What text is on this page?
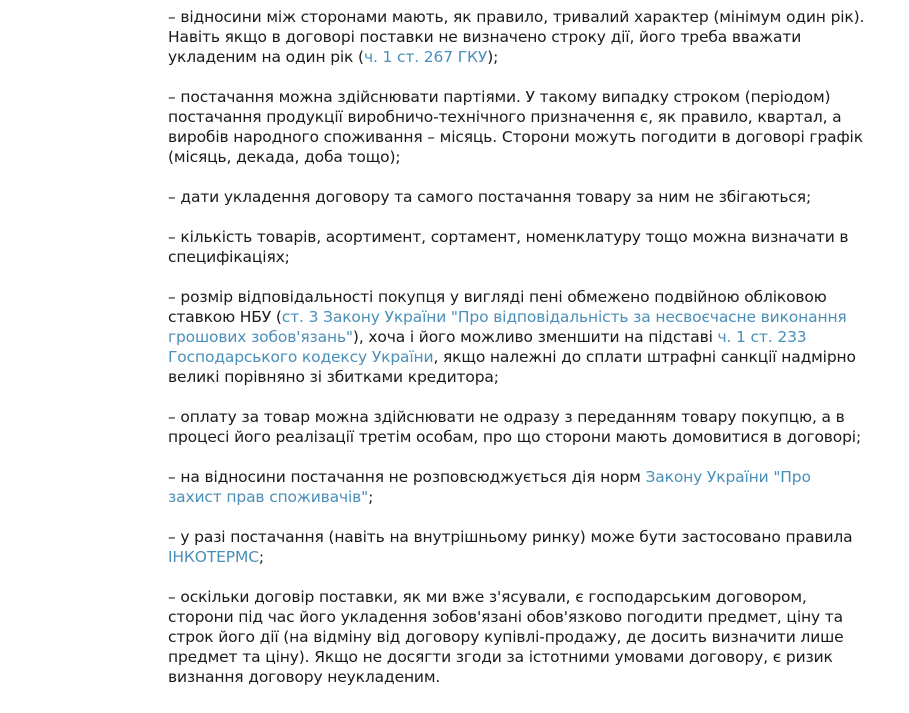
– відносини між сторонами мають, як правило, тривалий характер (мінімум один рік). Навіть якщо в договорі поставки не визначено строку дії, його треба вважати укладеним на один рік (ч. 1 ст. 267 ГКУ);

– постачання можна здійснювати партіями. У такому випадку строком (періодом) постачання продукції виробничо-технічного призначення є, як правило, квартал, а виробів народного споживання – місяць. Сторони можуть погодити в договорі графік (місяць, декада, доба тощо);

– дати укладення договору та самого постачання товару за ним не збігаються;

– кількість товарів, асортимент, сортамент, номенклатуру тощо можна визначати в специфікаціях;

– розмір відповідальності покупця у вигляді пені обмежено подвійною обліковою ставкою НБУ (ст. 3 Закону України "Про відповідальність за несвоєчасне виконання грошових зобов'язань"), хоча і його можливо зменшити на підставі ч. 1 ст. 233 Господарського кодексу України, якщо належні до сплати штрафні санкції надмірно великі порівняно зі збитками кредитора;

– оплату за товар можна здійснювати не одразу з переданням товару покупцю, а в процесі його реалізації третім особам, про що сторони мають домовитися в договорі;

– на відносини постачання не розповсюджується дія норм Закону України "Про захист прав споживачів";

– у разі постачання (навіть на внутрішньому ринку) може бути застосовано правила ІНКОТЕРМС;

– оскільки договір поставки, як ми вже з'ясували, є господарським договором, сторони під час його укладення зобов'язані обов'язково погодити предмет, ціну та строк його дії (на відміну від договору купівлі-продажу, де досить визначити лише предмет та ціну). Якщо не досягти згоди за істотними умовами договору, є ризик визнання договору неукладеним.
